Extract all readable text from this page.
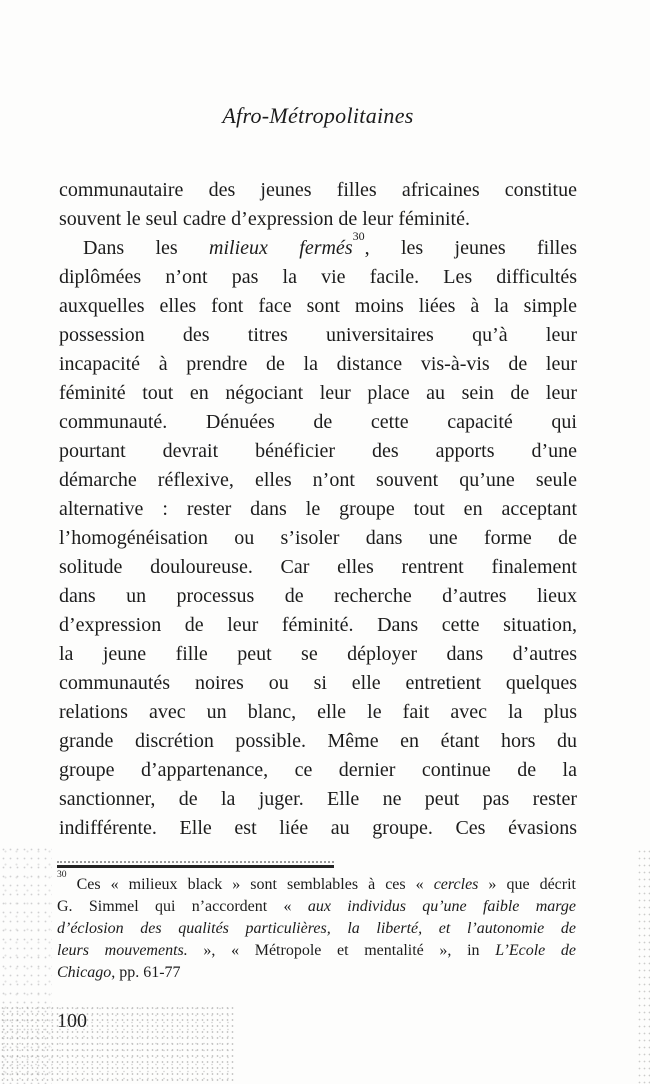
Afro-Métropolitaines
communautaire des jeunes filles africaines constitue
souvent le seul cadre d’expression de leur féminité.
Dans les milieux fermés$^{30}$, les jeunes filles
diplômées n’ont pas la vie facile. Les difficultés
auxquelles elles font face sont moins liées à la simple
possession des titres universitaires qu’à leur
incapacité à prendre de la distance vis-à-vis de leur
féminité tout en négociant leur place au sein de leur
communauté. Dénuées de cette capacité qui
pourtant devrait bénéficier des apports d’une
démarche réflexive, elles n’ont souvent qu’une seule
alternative : rester dans le groupe tout en acceptant
l’homogénéisation ou s’isoler dans une forme de
solitude douloureuse. Car elles rentrent finalement
dans un processus de recherche d’autres lieux
d’expression de leur féminité. Dans cette situation,
la jeune fille peut se déployer dans d’autres
communautés noires ou si elle entretient quelques
relations avec un blanc, elle le fait avec la plus
grande discrétion possible. Même en étant hors du
groupe d’appartenance, ce dernier continue de la
sanctionner, de la juger. Elle ne peut pas rester
indifférente. Elle est liée au groupe. Ces évasions
$^{30}$ Ces « milieux black » sont semblables à ces « cercles » que décrit
G. Simmel qui n’accordent « aux individus qu’une faible marge
d’éclosion des qualités particulières, la liberté, et l’autonomie de
leurs mouvements. », « Métropole et mentalité », in L’Ecole de
Chicago, pp. 61-77
100
